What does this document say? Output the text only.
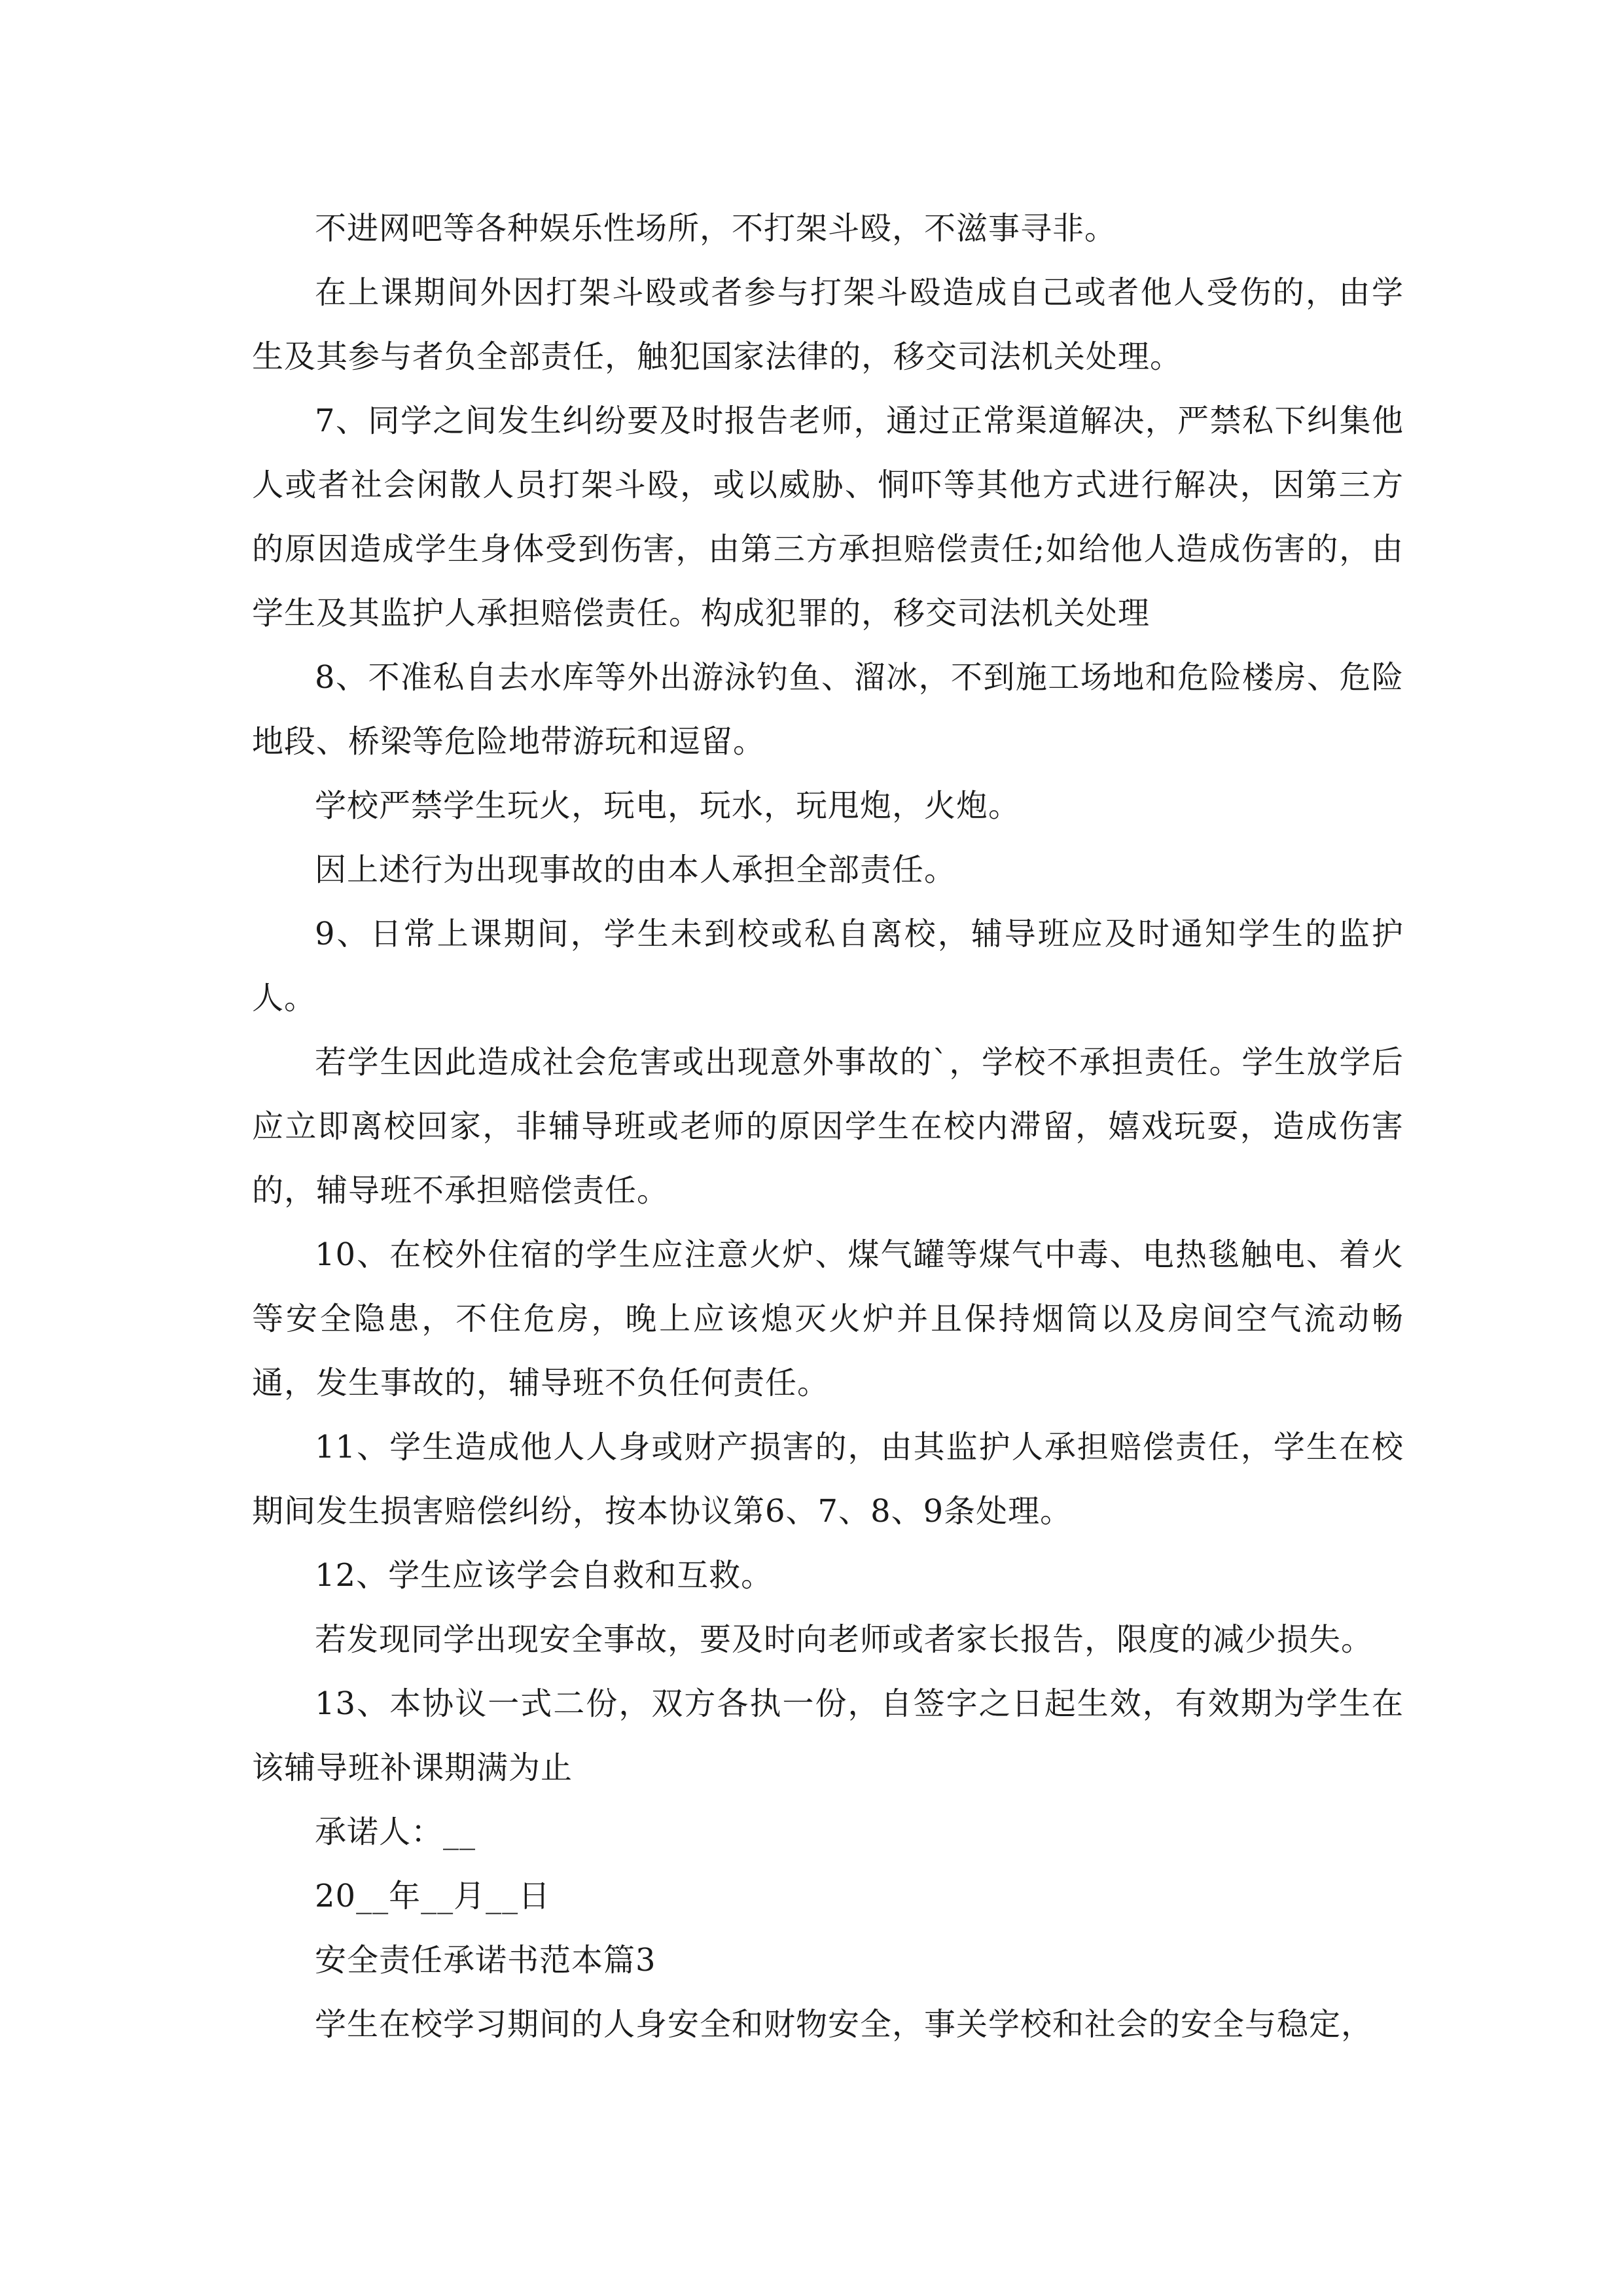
不进网吧等各种娱乐性场所，不打架斗殴，不滋事寻非。

在上课期间外因打架斗殴或者参与打架斗殴造成自己或者他人受伤的，由学生及其参与者负全部责任，触犯国家法律的，移交司法机关处理。

7、同学之间发生纠纷要及时报告老师，通过正常渠道解决，严禁私下纠集他人或者社会闲散人员打架斗殴，或以威胁、恫吓等其他方式进行解决，因第三方的原因造成学生身体受到伤害，由第三方承担赔偿责任;如给他人造成伤害的，由学生及其监护人承担赔偿责任。构成犯罪的，移交司法机关处理

8、不准私自去水库等外出游泳钓鱼、溜冰，不到施工场地和危险楼房、危险地段、桥梁等危险地带游玩和逗留。

学校严禁学生玩火，玩电，玩水，玩甩炮，火炮。

因上述行为出现事故的由本人承担全部责任。

9、日常上课期间，学生未到校或私自离校，辅导班应及时通知学生的监护人。

若学生因此造成社会危害或出现意外事故的`，学校不承担责任。学生放学后应立即离校回家，非辅导班或老师的原因学生在校内滞留，嬉戏玩耍，造成伤害的，辅导班不承担赔偿责任。

10、在校外住宿的学生应注意火炉、煤气罐等煤气中毒、电热毯触电、着火等安全隐患，不住危房，晚上应该熄灭火炉并且保持烟筒以及房间空气流动畅通，发生事故的，辅导班不负任何责任。

11、学生造成他人人身或财产损害的，由其监护人承担赔偿责任，学生在校期间发生损害赔偿纠纷，按本协议第6、7、8、9条处理。

12、学生应该学会自救和互救。

若发现同学出现安全事故，要及时向老师或者家长报告，限度的减少损失。

13、本协议一式二份，双方各执一份，自签字之日起生效，有效期为学生在该辅导班补课期满为止

承诺人：__

20__年__月__日

安全责任承诺书范本篇3

学生在校学习期间的人身安全和财物安全，事关学校和社会的安全与稳定，
